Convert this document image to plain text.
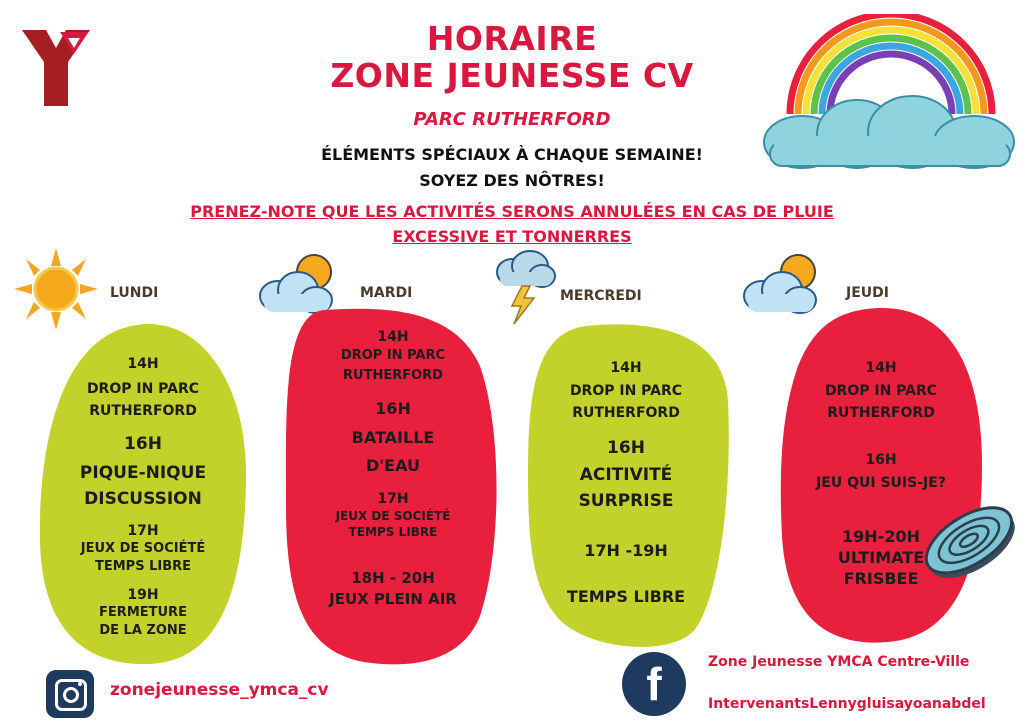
HORAIRE
ZONE JEUNESSE CV
PARC RUTHERFORD
ÉLÉMENTS SPÉCIAUX À CHAQUE SEMAINE!
SOYEZ DES NÔTRES!
PRENEZ-NOTE QUE LES ACTIVITÉS SERONS ANNULÉES EN CAS DE PLUIE
EXCESSIVE ET TONNERRES
LUNDI	MARDI	MERCREDI	JEUDI
14H
DROP IN PARC
RUTHERFORD
16H
PIQUE-NIQUE
DISCUSSION
17H
JEUX DE SOCIÉTÉ
TEMPS LIBRE
19H
FERMETURE
DE LA ZONE
14H
DROP IN PARC
RUTHERFORD
16H
BATAILLE
D'EAU
17H
JEUX DE SOCIÉTÉ
TEMPS LIBRE
18H - 20H
JEUX PLEIN AIR
14H
DROP IN PARC
RUTHERFORD
16H
ACITIVITÉ
SURPRISE
17H -19H
TEMPS LIBRE
14H
DROP IN PARC
RUTHERFORD
16H
JEU QUI SUIS-JE?
19H-20H
ULTIMATE
FRISBEE
zonejeunesse_ymca_cv	f	Zone Jeunesse YMCA Centre-Ville
IntervenantsLennygluisayoanabdel
